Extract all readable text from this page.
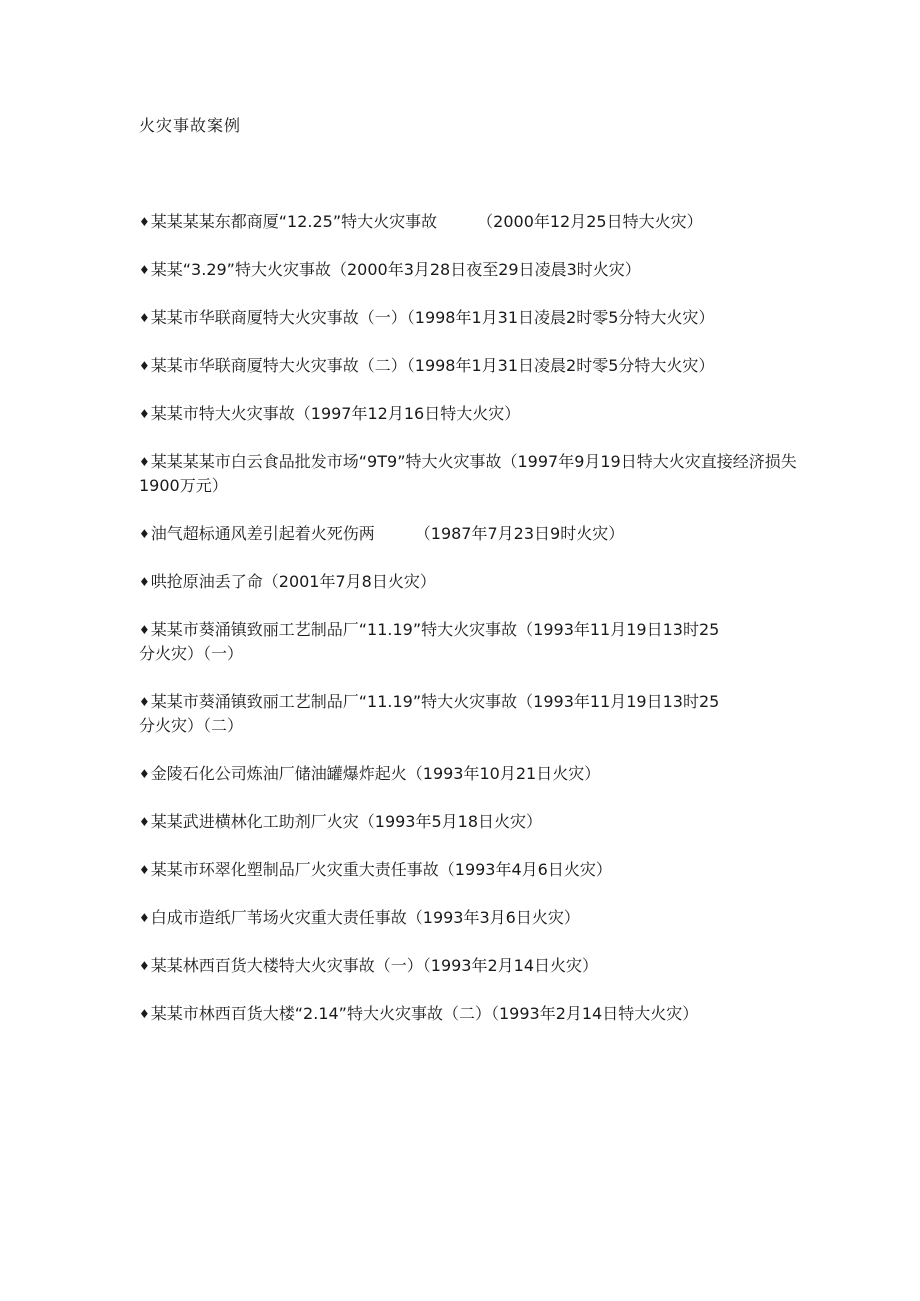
火灾事故案例
♦某某某某东都商厦“12.25”特大火灾事故　　　（2000年12月25日特大火灾）
♦某某“3.29”特大火灾事故（2000年3月28日夜至29日凌晨3时火灾）
♦某某市华联商厦特大火灾事故（一）（1998年1月31日凌晨2时零5分特大火灾）
♦某某市华联商厦特大火灾事故（二）（1998年1月31日凌晨2时零5分特大火灾）
♦某某市特大火灾事故（1997年12月16日特大火灾）
♦某某某某市白云食品批发市场“9T9”特大火灾事故（1997年9月19日特大火灾直接经济损失1900万元）
♦油气超标通风差引起着火死伤两　　　（1987年7月23日9时火灾）
♦哄抢原油丢了命（2001年7月8日火灾）
♦某某市葵涌镇致丽工艺制品厂“11.19”特大火灾事故（1993年11月19日13时25分火灾）（一）
♦某某市葵涌镇致丽工艺制品厂“11.19”特大火灾事故（1993年11月19日13时25分火灾）（二）
♦金陵石化公司炼油厂储油罐爆炸起火（1993年10月21日火灾）
♦某某武进横林化工助剂厂火灾（1993年5月18日火灾）
♦某某市环翠化塑制品厂火灾重大责任事故（1993年4月6日火灾）
♦白成市造纸厂苇场火灾重大责任事故（1993年3月6日火灾）
♦某某林西百货大楼特大火灾事故（一）（1993年2月14日火灾）
♦某某市林西百货大楼“2.14”特大火灾事故（二）（1993年2月14日特大火灾）
